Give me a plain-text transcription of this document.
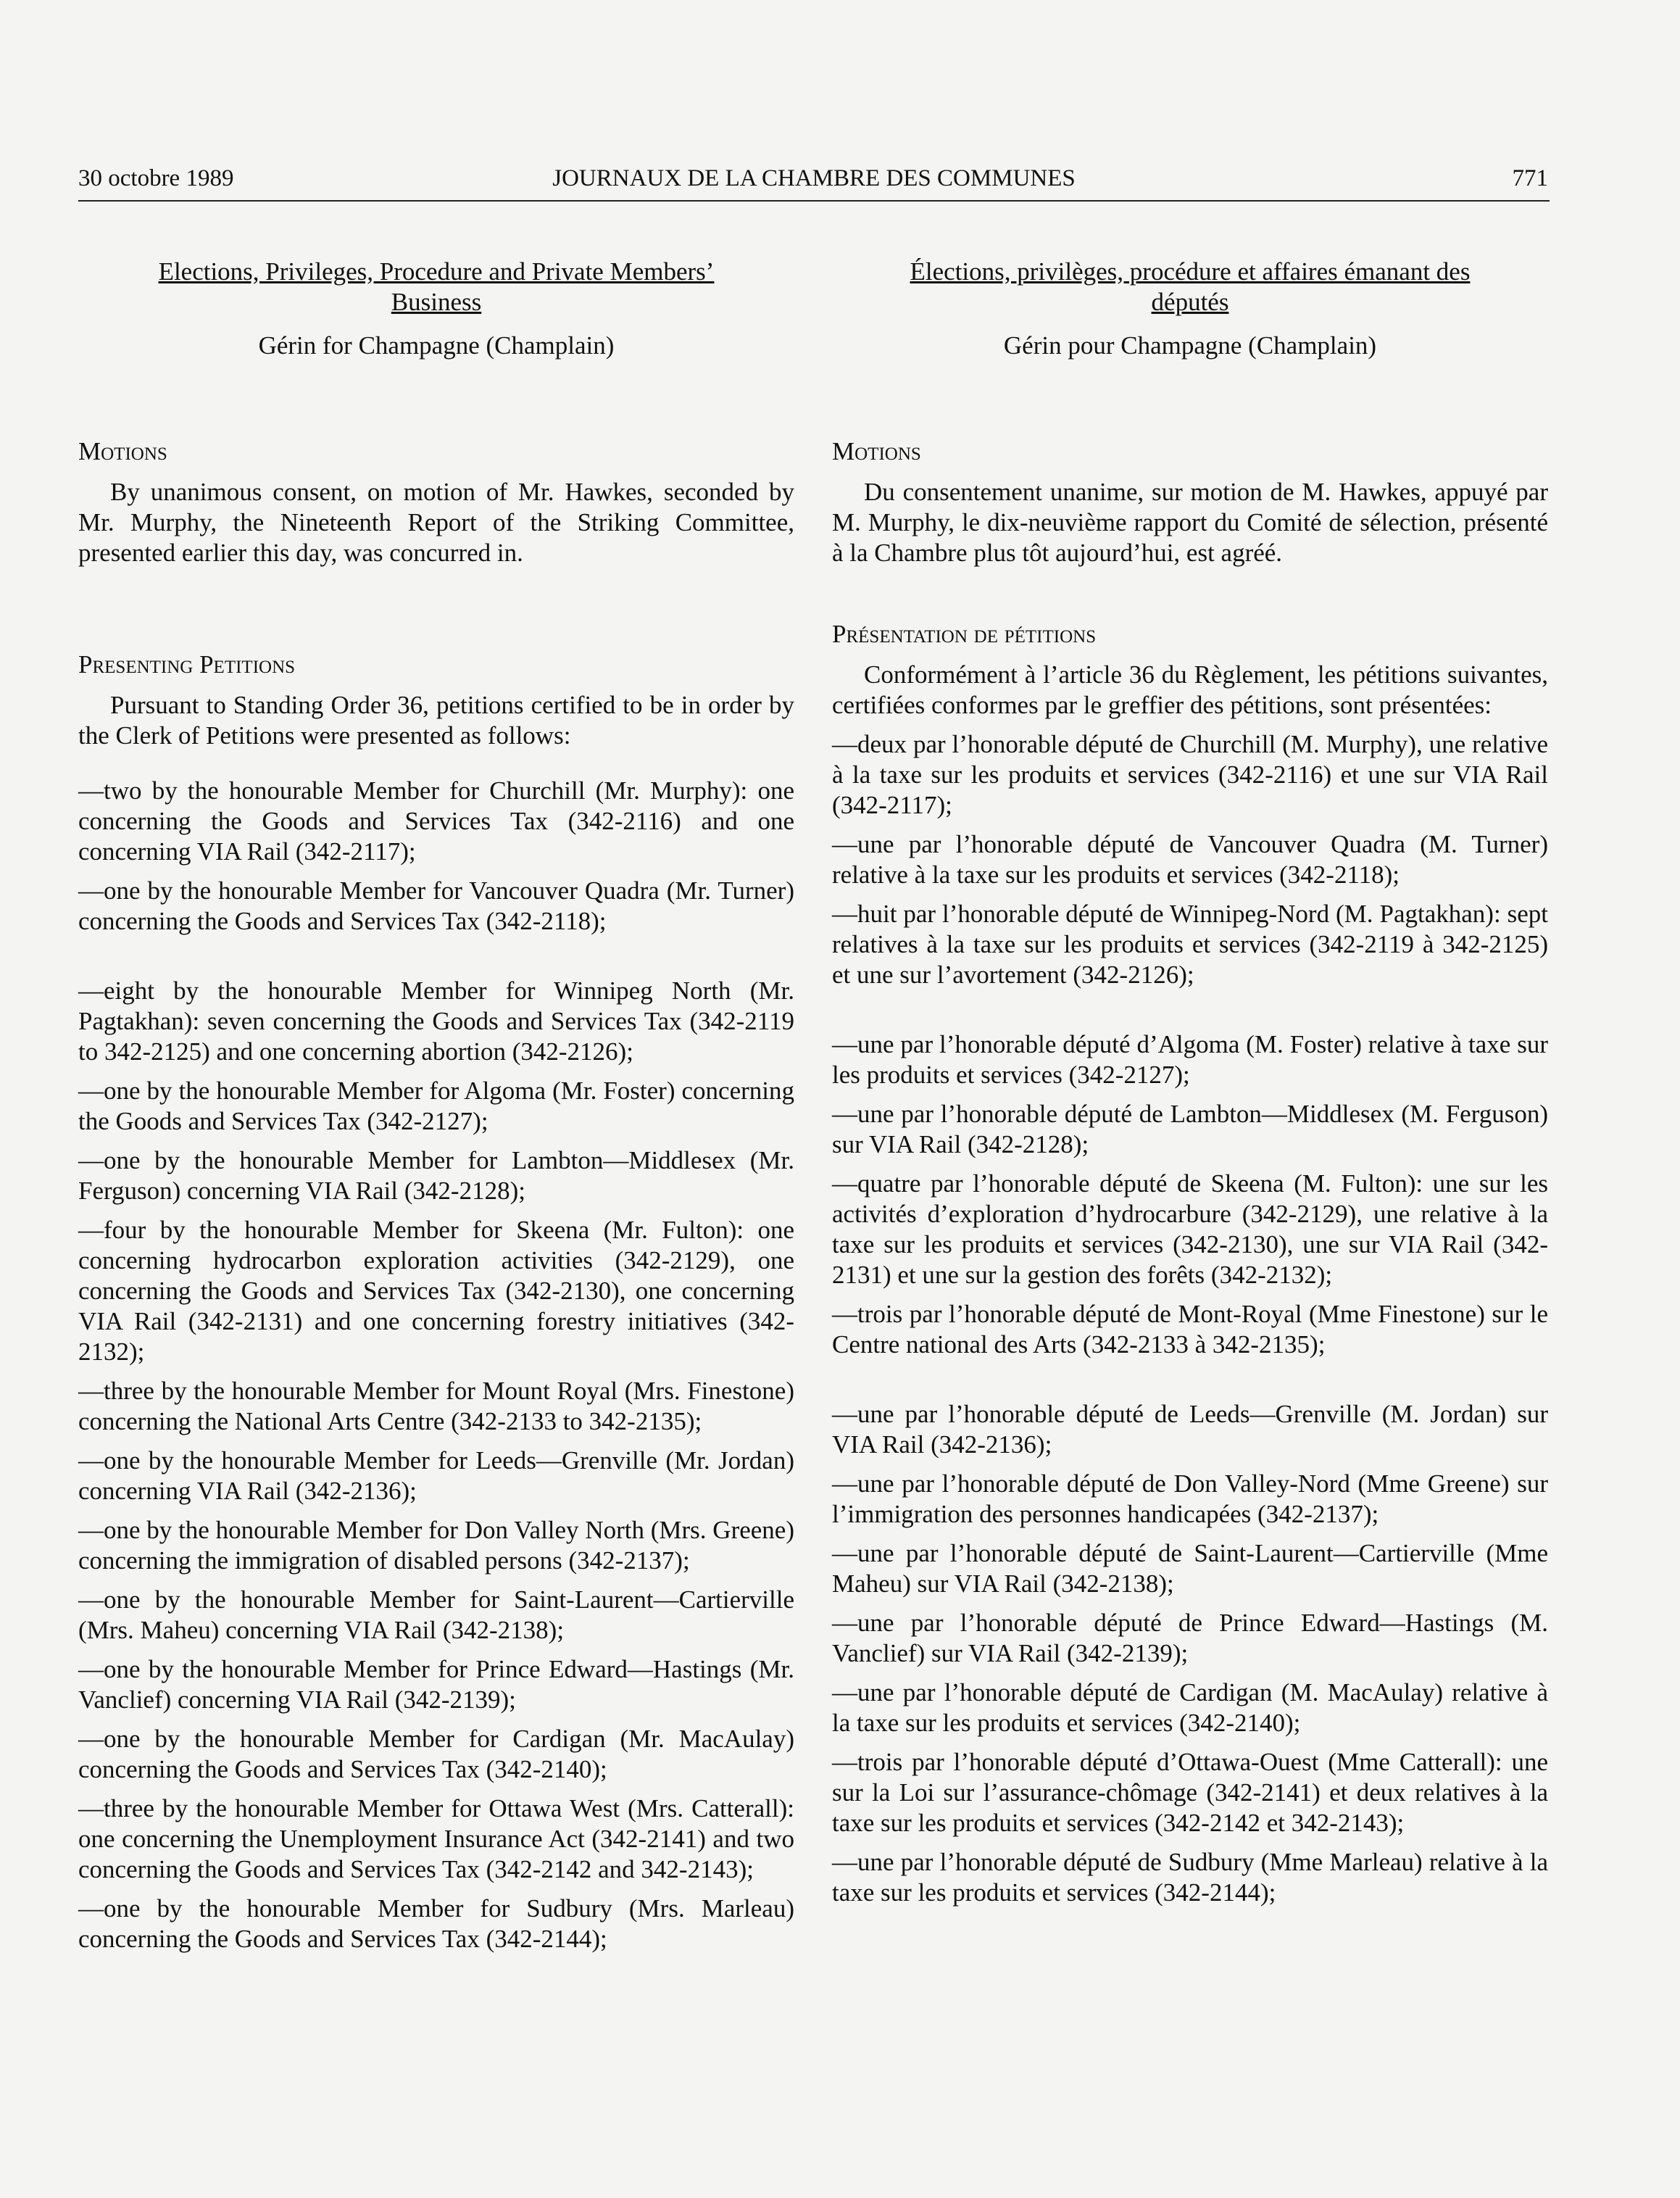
JOURNAUX DE LA CHAMBRE DES COMMUNES
30 octobre 1989	771

Elections, Privileges, Procedure and Private Members’
Business

Gérin for Champagne (Champlain)

Motions

By unanimous consent, on motion of Mr. Hawkes, seconded by Mr. Murphy, the Nineteenth Report of the Striking Committee, presented earlier this day, was concurred in.

Presenting Petitions

Pursuant to Standing Order 36, petitions certified to be in order by the Clerk of Petitions were presented as follows:

—two by the honourable Member for Churchill (Mr. Murphy): one concerning the Goods and Services Tax (342-2116) and one concerning VIA Rail (342-2117);

—one by the honourable Member for Vancouver Quadra (Mr. Turner) concerning the Goods and Services Tax (342-2118);

—eight by the honourable Member for Winnipeg North (Mr. Pagtakhan): seven concerning the Goods and Services Tax (342-2119 to 342-2125) and one concerning abortion (342-2126);

—one by the honourable Member for Algoma (Mr. Foster) concerning the Goods and Services Tax (342-2127);

—one by the honourable Member for Lambton—Middlesex (Mr. Ferguson) concerning VIA Rail (342-2128);

—four by the honourable Member for Skeena (Mr. Fulton): one concerning hydrocarbon exploration activities (342-2129), one concerning the Goods and Services Tax (342-2130), one concerning VIA Rail (342-2131) and one concerning forestry initiatives (342-2132);

—three by the honourable Member for Mount Royal (Mrs. Finestone) concerning the National Arts Centre (342-2133 to 342-2135);

—one by the honourable Member for Leeds—Grenville (Mr. Jordan) concerning VIA Rail (342-2136);

—one by the honourable Member for Don Valley North (Mrs. Greene) concerning the immigration of disabled persons (342-2137);

—one by the honourable Member for Saint-Laurent—Cartierville (Mrs. Maheu) concerning VIA Rail (342-2138);

—one by the honourable Member for Prince Edward—Hastings (Mr. Vanclief) concerning VIA Rail (342-2139);

—one by the honourable Member for Cardigan (Mr. MacAulay) concerning the Goods and Services Tax (342-2140);

—three by the honourable Member for Ottawa West (Mrs. Catterall): one concerning the Unemployment Insurance Act (342-2141) and two concerning the Goods and Services Tax (342-2142 and 342-2143);

—one by the honourable Member for Sudbury (Mrs. Marleau) concerning the Goods and Services Tax (342-2144);

Élections, privilèges, procédure et affaires émanant des
députés

Gérin pour Champagne (Champlain)

Motions

Du consentement unanime, sur motion de M. Hawkes, appuyé par M. Murphy, le dix-neuvième rapport du Comité de sélection, présenté à la Chambre plus tôt aujourd’hui, est agréé.

Présentation de pétitions

Conformément à l’article 36 du Règlement, les pétitions suivantes, certifiées conformes par le greffier des pétitions, sont présentées:

—deux par l’honorable député de Churchill (M. Murphy), une relative à la taxe sur les produits et services (342-2116) et une sur VIA Rail (342-2117);

—une par l’honorable député de Vancouver Quadra (M. Turner) relative à la taxe sur les produits et services (342-2118);

—huit par l’honorable député de Winnipeg-Nord (M. Pagtakhan): sept relatives à la taxe sur les produits et services (342-2119 à 342-2125) et une sur l’avortement (342-2126);

—une par l’honorable député d’Algoma (M. Foster) relative à taxe sur les produits et services (342-2127);

—une par l’honorable député de Lambton—Middlesex (M. Ferguson) sur VIA Rail (342-2128);

—quatre par l’honorable député de Skeena (M. Fulton): une sur les activités d’exploration d’hydrocarbure (342-2129), une relative à la taxe sur les produits et services (342-2130), une sur VIA Rail (342-2131) et une sur la gestion des forêts (342-2132);

—trois par l’honorable député de Mont-Royal (Mme Finestone) sur le Centre national des Arts (342-2133 à 342-2135);

—une par l’honorable député de Leeds—Grenville (M. Jordan) sur VIA Rail (342-2136);

—une par l’honorable député de Don Valley-Nord (Mme Greene) sur l’immigration des personnes handicapées (342-2137);

—une par l’honorable député de Saint-Laurent—Cartierville (Mme Maheu) sur VIA Rail (342-2138);

—une par l’honorable député de Prince Edward—Hastings (M. Vanclief) sur VIA Rail (342-2139);

—une par l’honorable député de Cardigan (M. MacAulay) relative à la taxe sur les produits et services (342-2140);

—trois par l’honorable député d’Ottawa-Ouest (Mme Catterall): une sur la Loi sur l’assurance-chômage (342-2141) et deux relatives à la taxe sur les produits et services (342-2142 et 342-2143);

—une par l’honorable député de Sudbury (Mme Marleau) relative à la taxe sur les produits et services (342-2144);
